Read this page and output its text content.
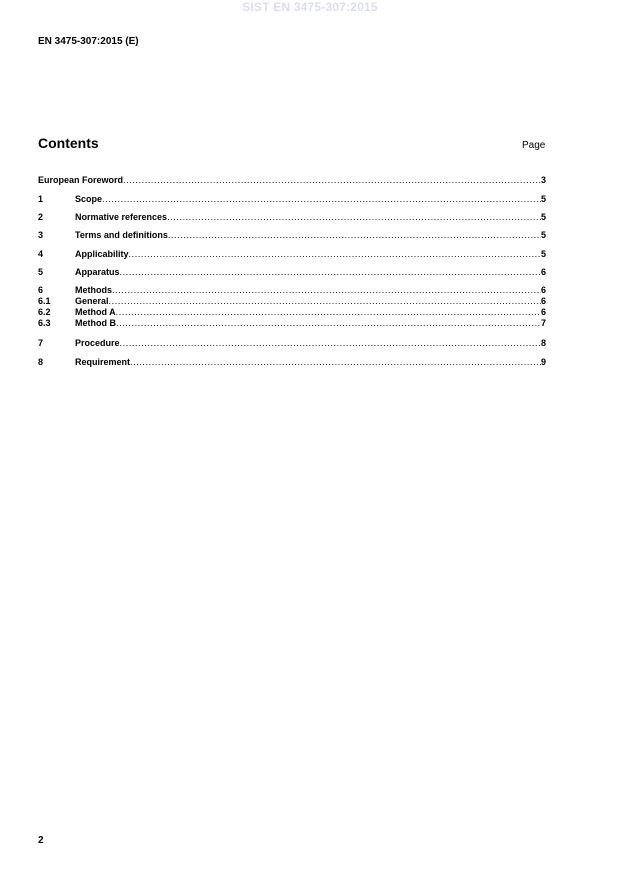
SIST EN 3475-307:2015
EN 3475-307:2015 (E)
Contents	Page
European Foreword .....	3
1	Scope .....	5
2	Normative references .....	5
3	Terms and definitions .....	5
4	Applicability .....	5
5	Apparatus .....	6
6	Methods .....	6
6.1	General .....	6
6.2	Method A .....	6
6.3	Method B .....	7
7	Procedure .....	8
8	Requirement .....	9
2
